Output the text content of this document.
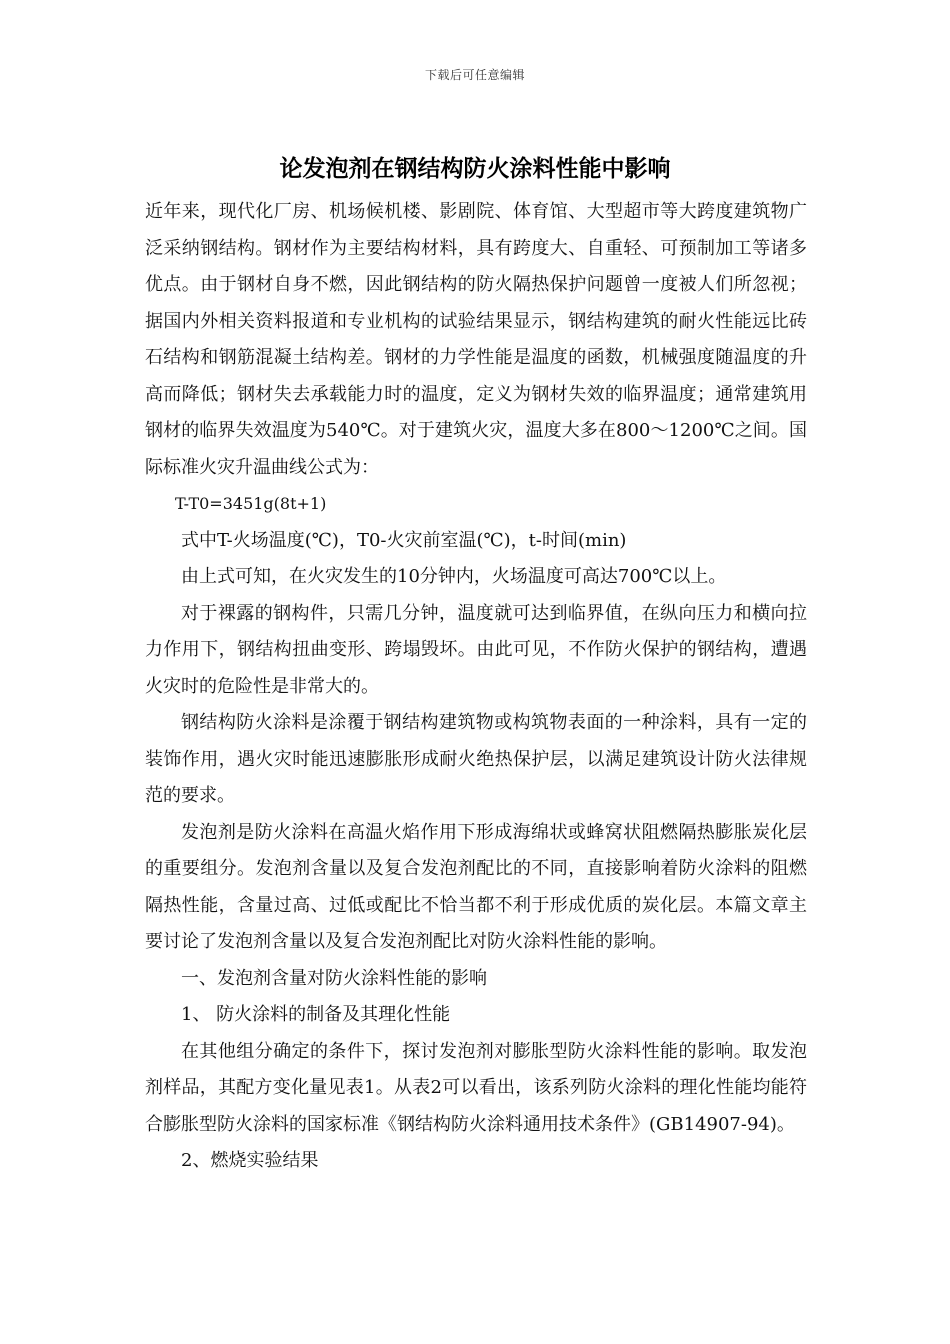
下载后可任意编辑
论发泡剂在钢结构防火涂料性能中影响

近年来，现代化厂房、机场候机楼、影剧院、体育馆、大型超市等大跨度建筑物广泛采纳钢结构。钢材作为主要结构材料，具有跨度大、自重轻、可预制加工等诸多优点。由于钢材自身不燃，因此钢结构的防火隔热保护问题曾一度被人们所忽视；据国内外相关资料报道和专业机构的试验结果显示，钢结构建筑的耐火性能远比砖石结构和钢筋混凝土结构差。钢材的力学性能是温度的函数，机械强度随温度的升高而降低；钢材失去承载能力时的温度，定义为钢材失效的临界温度；通常建筑用钢材的临界失效温度为540℃。对于建筑火灾，温度大多在800～1200℃之间。国际标准火灾升温曲线公式为：

T-T0=3451g(8t+1)

式中T-火场温度(℃)，T0-火灾前室温(℃)，t-时间(min)

由上式可知，在火灾发生的10分钟内，火场温度可高达700℃以上。

对于裸露的钢构件，只需几分钟，温度就可达到临界值，在纵向压力和横向拉力作用下，钢结构扭曲变形、跨塌毁坏。由此可见，不作防火保护的钢结构，遭遇火灾时的危险性是非常大的。

钢结构防火涂料是涂覆于钢结构建筑物或构筑物表面的一种涂料，具有一定的装饰作用，遇火灾时能迅速膨胀形成耐火绝热保护层，以满足建筑设计防火法律规范的要求。

发泡剂是防火涂料在高温火焰作用下形成海绵状或蜂窝状阻燃隔热膨胀炭化层的重要组分。发泡剂含量以及复合发泡剂配比的不同，直接影响着防火涂料的阻燃隔热性能，含量过高、过低或配比不恰当都不利于形成优质的炭化层。本篇文章主要讨论了发泡剂含量以及复合发泡剂配比对防火涂料性能的影响。

一、发泡剂含量对防火涂料性能的影响

1、 防火涂料的制备及其理化性能

在其他组分确定的条件下，探讨发泡剂对膨胀型防火涂料性能的影响。取发泡剂样品，其配方变化量见表1。从表2可以看出，该系列防火涂料的理化性能均能符合膨胀型防火涂料的国家标准《钢结构防火涂料通用技术条件》(GB14907-94)。

2、燃烧实验结果
